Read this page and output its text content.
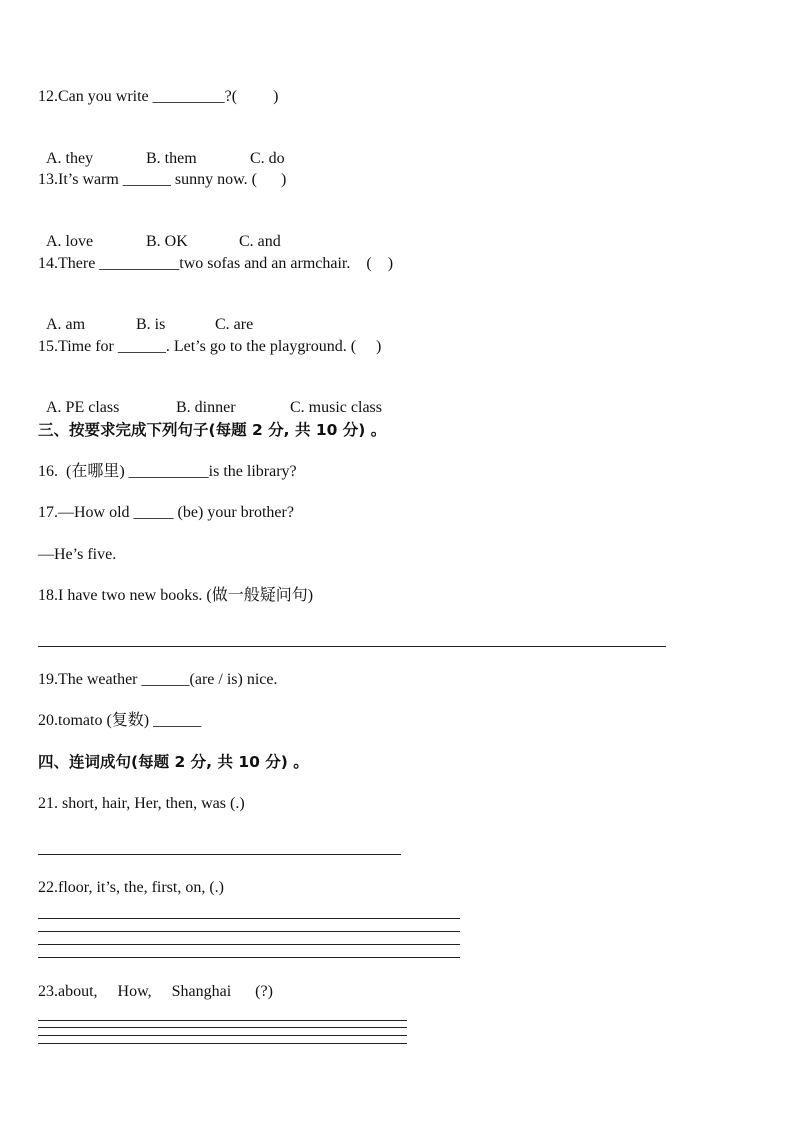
12.Can you write _________?(         )

A. they	B. them	C. do

13.It’s warm ______ sunny now. (      )

A. love	B. OK	C. and

14.There __________two sofas and an armchair.    (    )

A. am	B. is	C. are

15.Time for ______. Let’s go to the playground. (     )

A. PE class	B. dinner	C. music class

三、按要求完成下列句子(每题 2 分, 共 10 分) 。
16.  (在哪里) __________is the library?
17.—How old _____ (be) your brother?
—He’s five.
18.I have two new books. (做一般疑问句)
19.The weather ______(are / is) nice.
20.tomato (复数) ______
四、连词成句(每题 2 分, 共 10 分) 。
21. short, hair, Her, then, was (.)
22.floor, it’s, the, first, on, (.)
23.about,     How,     Shanghai      (?)
